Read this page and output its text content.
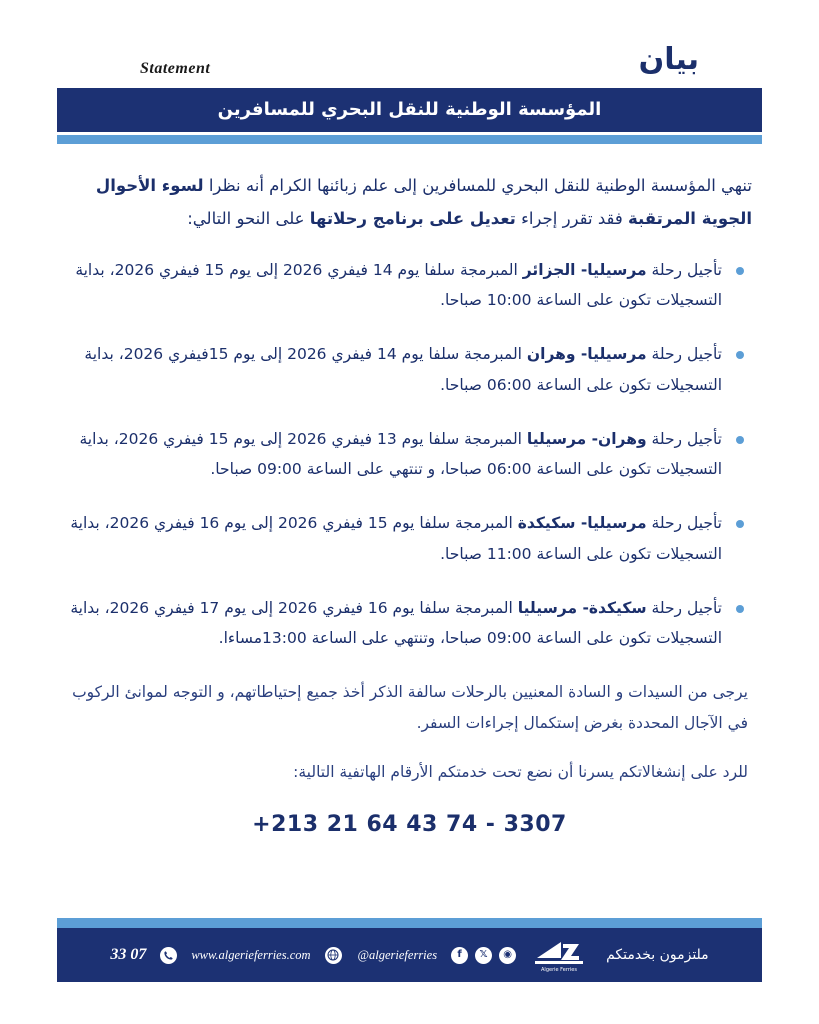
Statement	بيان
المؤسسة الوطنية للنقل البحري للمسافرين
تنهي المؤسسة الوطنية للنقل البحري للمسافرين إلى علم زبائنها الكرام أنه نظرا لسوء الأحوال الجوية المرتقبة فقد تقرر إجراء تعديل على برنامج رحلاتها على النحو التالي:
تأجيل رحلة مرسيليا- الجزائر المبرمجة سلفا يوم 14 فيفري 2026 إلى يوم 15 فيفري 2026، بداية التسجيلات تكون على الساعة 10:00 صباحا.
تأجيل رحلة مرسيليا- وهران المبرمجة سلفا يوم 14 فيفري 2026 إلى يوم 15فيفري 2026، بداية التسجيلات تكون على الساعة 06:00 صباحا.
تأجيل رحلة وهران- مرسيليا المبرمجة سلفا يوم 13 فيفري 2026 إلى يوم 15 فيفري 2026، بداية التسجيلات تكون على الساعة 06:00 صباحا، و تنتهي على الساعة 09:00 صباحا.
تأجيل رحلة مرسيليا- سكيكدة المبرمجة سلفا يوم 15 فيفري 2026 إلى يوم 16 فيفري 2026، بداية التسجيلات تكون على الساعة 11:00 صباحا.
تأجيل رحلة سكيكدة- مرسيليا المبرمجة سلفا يوم 16 فيفري 2026 إلى يوم 17 فيفري 2026، بداية التسجيلات تكون على الساعة 09:00 صباحا، وتنتهي على الساعة 13:00مساءا.
يرجى من السيدات و السادة المعنيين بالرحلات سالفة الذكر أخذ جميع إحتياطاتهم، و التوجه لموانئ الركوب في الآجال المحددة بغرض إستكمال إجراءات السفر.
للرد على إنشغالاتكم يسرنا أن نضع تحت خدمتكم الأرقام الهاتفية التالية:
+213 21 64 43 74 - 3307
ملتزمون بخدمتكم
Algerie Ferries
f	𝕏	◉
@algerieferries
www.algerieferries.com
33 07
